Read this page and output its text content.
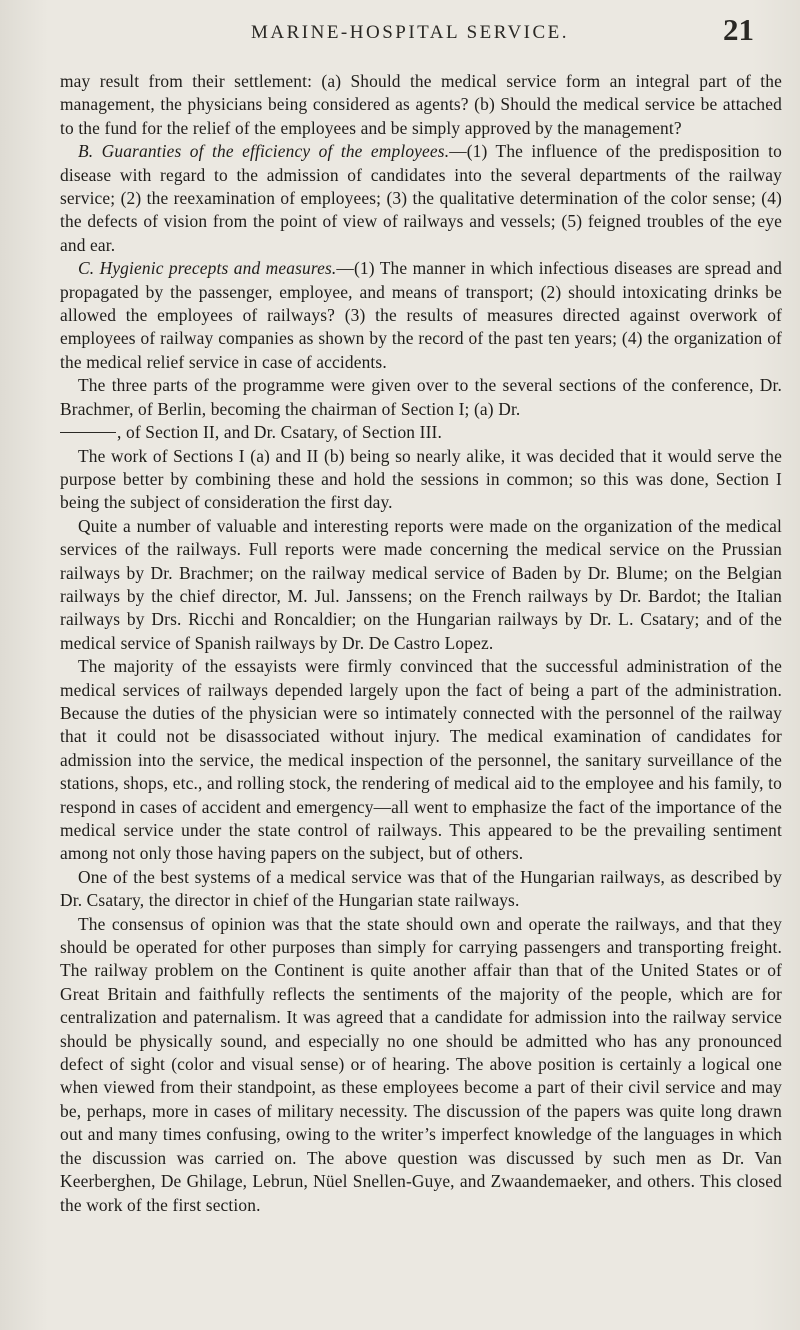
MARINE-HOSPITAL SERVICE.	21

may result from their settlement: (a) Should the medical service form an integral part of the management, the physicians being considered as agents? (b) Should the medical service be attached to the fund for the relief of the employees and be simply approved by the management?

B. Guaranties of the efficiency of the employees.—(1) The influence of the predisposition to disease with regard to the admission of candidates into the several departments of the railway service; (2) the reexamination of employees; (3) the qualitative determination of the color sense; (4) the defects of vision from the point of view of railways and vessels; (5) feigned troubles of the eye and ear.

C. Hygienic precepts and measures.—(1) The manner in which infectious diseases are spread and propagated by the passenger, employee, and means of transport; (2) should intoxicating drinks be allowed the employees of railways? (3) the results of measures directed against overwork of employees of railway companies as shown by the record of the past ten years; (4) the organization of the medical relief service in case of accidents.

The three parts of the programme were given over to the several sections of the conference, Dr. Brachmer, of Berlin, becoming the chairman of Section I; (a) Dr.

, of Section II, and Dr. Csatary, of Section III.

The work of Sections I (a) and II (b) being so nearly alike, it was decided that it would serve the purpose better by combining these and hold the sessions in common; so this was done, Section I being the subject of consideration the first day.

Quite a number of valuable and interesting reports were made on the organization of the medical services of the railways. Full reports were made concerning the medical service on the Prussian railways by Dr. Brachmer; on the railway medical service of Baden by Dr. Blume; on the Belgian railways by the chief director, M. Jul. Janssens; on the French railways by Dr. Bardot; the Italian railways by Drs. Ricchi and Roncaldier; on the Hungarian railways by Dr. L. Csatary; and of the medical service of Spanish railways by Dr. De Castro Lopez.

The majority of the essayists were firmly convinced that the successful administration of the medical services of railways depended largely upon the fact of being a part of the administration. Because the duties of the physician were so intimately connected with the personnel of the railway that it could not be disassociated without injury. The medical examination of candidates for admission into the service, the medical inspection of the personnel, the sanitary surveillance of the stations, shops, etc., and rolling stock, the rendering of medical aid to the employee and his family, to respond in cases of accident and emergency—all went to emphasize the fact of the importance of the medical service under the state control of railways. This appeared to be the prevailing sentiment among not only those having papers on the subject, but of others.

One of the best systems of a medical service was that of the Hungarian railways, as described by Dr. Csatary, the director in chief of the Hungarian state railways.

The consensus of opinion was that the state should own and operate the railways, and that they should be operated for other purposes than simply for carrying passengers and transporting freight. The railway problem on the Continent is quite another affair than that of the United States or of Great Britain and faithfully reflects the sentiments of the majority of the people, which are for centralization and paternalism. It was agreed that a candidate for admission into the railway service should be physically sound, and especially no one should be admitted who has any pronounced defect of sight (color and visual sense) or of hearing. The above position is certainly a logical one when viewed from their standpoint, as these employees become a part of their civil service and may be, perhaps, more in cases of military necessity. The discussion of the papers was quite long drawn out and many times confusing, owing to the writer’s imperfect knowledge of the languages in which the discussion was carried on. The above question was discussed by such men as Dr. Van Keerberghen, De Ghilage, Lebrun, Nüel Snellen-Guye, and Zwaandemaeker, and others. This closed the work of the first section.
